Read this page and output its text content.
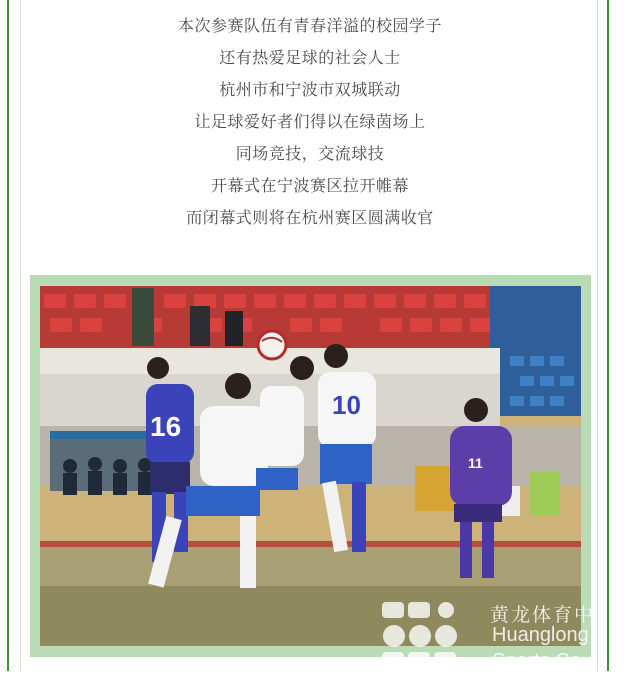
本次参赛队伍有青春洋溢的校园学子
还有热爱足球的社会人士
杭州市和宁波市双城联动
让足球爱好者们得以在绿茵场上
同场竞技，交流球技
开幕式在宁波赛区拉开帷幕
而闭幕式则将在杭州赛区圆满收官
16
10
11
黄龙体育中
Huanglong
Sports Ce
